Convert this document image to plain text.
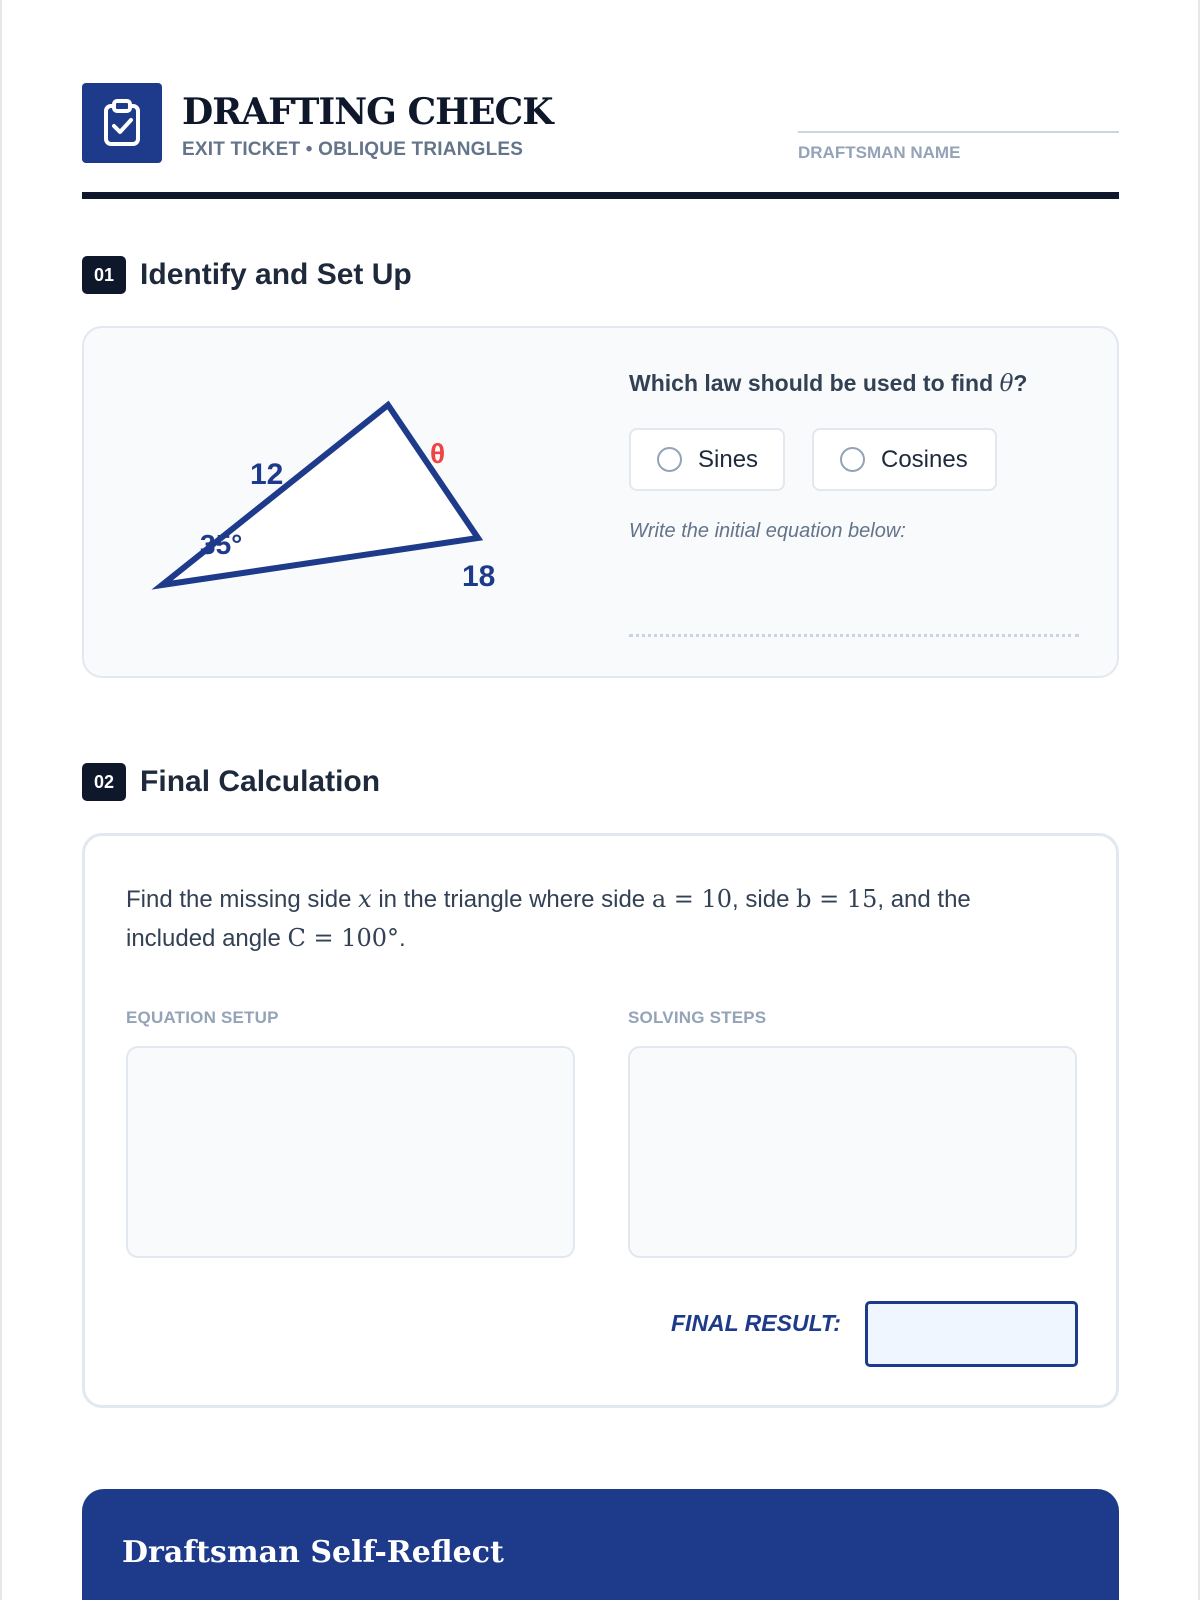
DRAFTING CHECK
EXIT TICKET • OBLIQUE TRIANGLES	DRAFTSMAN NAME
01 Identify and Set Up
12
35°
18
θ
Which law should be used to find θ?
Sines	Cosines
Write the initial equation below:
02 Final Calculation
Find the missing side x in the triangle where side a = 10, side b = 15, and the included angle C = 100°.
EQUATION SETUP	SOLVING STEPS
FINAL RESULT:
Draftsman Self-Reflect
